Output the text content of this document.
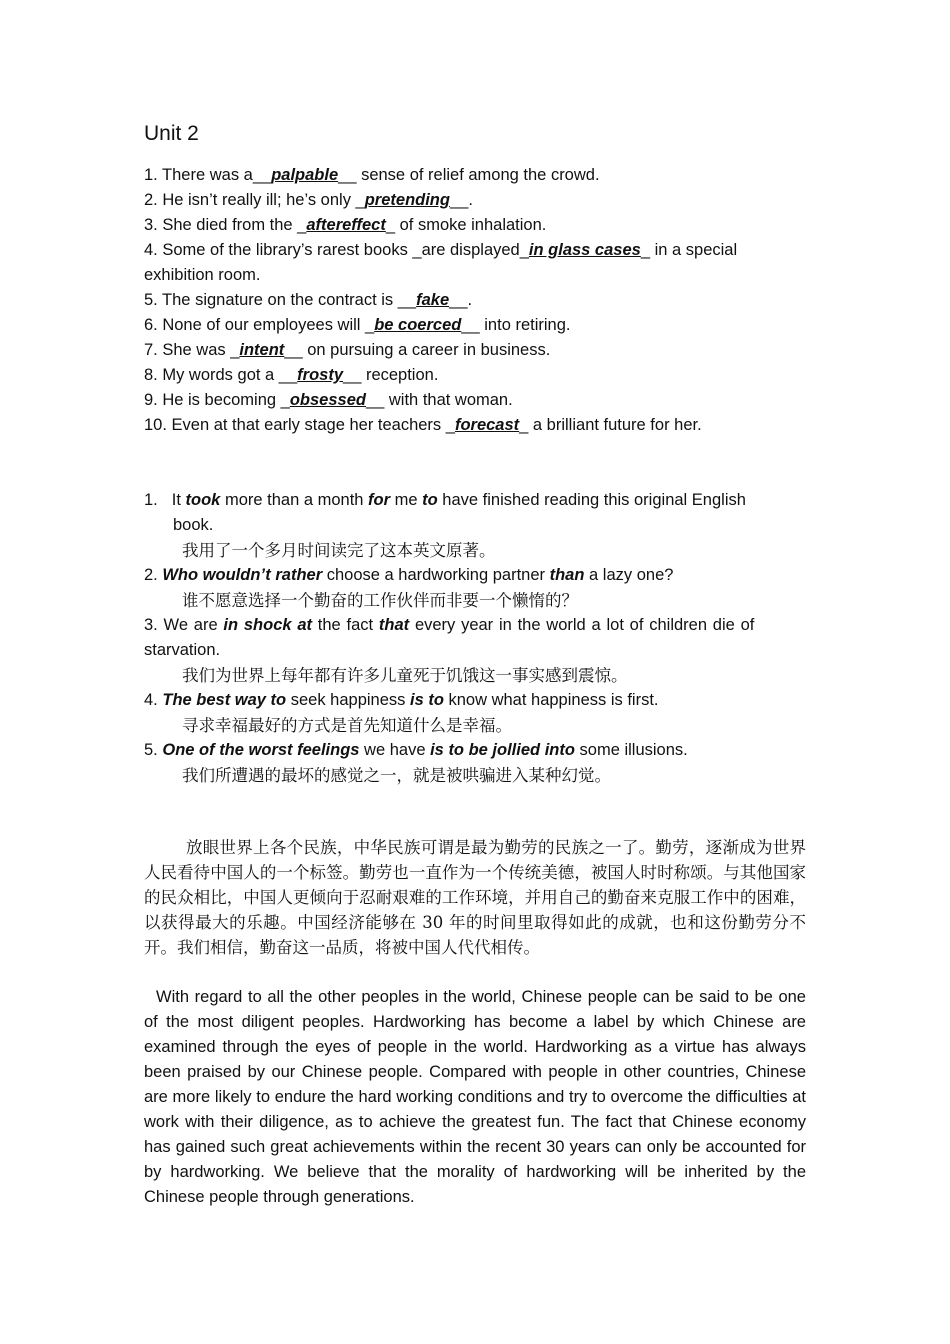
Unit 2
1. There was a__palpable__ sense of relief among the crowd.
2. He isn’t really ill; he’s only _pretending__.
3. She died from the _aftereffect_ of smoke inhalation.
4. Some of the library’s rarest books _are displayed_in glass cases_ in a special
exhibition room.
5. The signature on the contract is __fake__.
6. None of our employees will _be coerced__ into retiring.
7. She was _intent__ on pursuing a career in business.
8. My words got a __frosty__ reception.
9. He is becoming _obsessed__ with that woman.
10. Even at that early stage her teachers _forecast_ a brilliant future for her.
1. It took more than a month for me to have finished reading this original English
book.
我用了一个多月时间读完了这本英文原著。
2. Who wouldn’t rather choose a hardworking partner than a lazy one?
谁不愿意选择一个勤奋的工作伙伴而非要一个懒惰的？
3. We are in shock at the fact that every year in the world a lot of children die of
starvation.
我们为世界上每年都有许多儿童死于饥饿这一事实感到震惊。
4. The best way to seek happiness is to know what happiness is first.
寻求幸福最好的方式是首先知道什么是幸福。
5. One of the worst feelings we have is to be jollied into some illusions.
我们所遭遇的最坏的感觉之一，就是被哄骗进入某种幻觉。
放眼世界上各个民族，中华民族可谓是最为勤劳的民族之一了。勤劳，逐渐成为世界人民看待中国人的一个标签。勤劳也一直作为一个传统美德，被国人时时称颂。与其他国家的民众相比，中国人更倾向于忍耐艰难的工作环境，并用自己的勤奋来克服工作中的困难，以获得最大的乐趣。中国经济能够在 30 年的时间里取得如此的成就，也和这份勤劳分不开。我们相信，勤奋这一品质，将被中国人代代相传。
With regard to all the other peoples in the world, Chinese people can be said to be one of the most diligent peoples. Hardworking has become a label by which Chinese are examined through the eyes of people in the world. Hardworking as a virtue has always been praised by our Chinese people. Compared with people in other countries, Chinese are more likely to endure the hard working conditions and try to overcome the difficulties at work with their diligence, as to achieve the greatest fun. The fact that Chinese economy has gained such great achievements within the recent 30 years can only be accounted for by hardworking. We believe that the morality of hardworking will be inherited by the Chinese people through generations.
